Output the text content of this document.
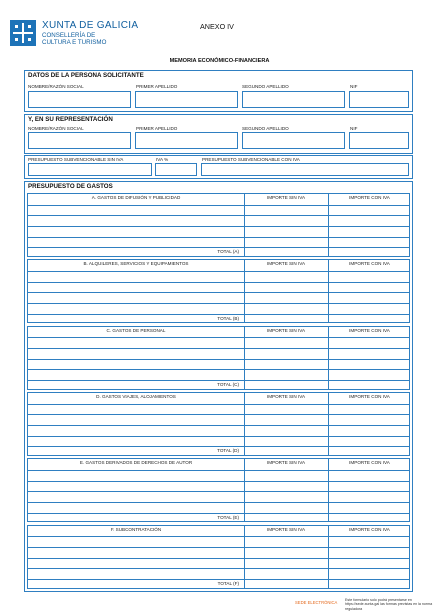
XUNTA DE GALICIA
CONSELLERÍA DE
CULTURA E TURISMO
ANEXO IV
MEMORIA ECONÓMICO-FINANCIERA
DATOS DE LA PERSONA SOLICITANTE
NOMBRE/RAZÓN SOCIAL	PRIMER APELLIDO	SEGUNDO APELLIDO	NIF
Y, EN SU REPRESENTACIÓN
NOMBRE/RAZÓN SOCIAL	PRIMER APELLIDO	SEGUNDO APELLIDO	NIF
PRESUPUESTO SUBVENCIONABLE SIN IVA	IVA %	PRESUPUESTO SUBVENCIONABLE CON IVA
PRESUPUESTO DE GASTOS
A. GASTOS DE DIFUSIÓN Y PUBLICIDAD	IMPORTE SIN IVA	IMPORTE CON IVA
TOTAL (A)
B. ALQUILERES, SERVICIOS Y EQUIPAMIENTOS	IMPORTE SIN IVA	IMPORTE CON IVA
TOTAL (B)
C. GASTOS DE PERSONAL	IMPORTE SIN IVA	IMPORTE CON IVA
TOTAL (C)
D. GASTOS VIAJES, ALOJAMIENTOS	IMPORTE SIN IVA	IMPORTE CON IVA
TOTAL (D)
E. GASTOS DERIVADOS DE DERECHOS DE AUTOR	IMPORTE SIN IVA	IMPORTE CON IVA
TOTAL (E)
F. SUBCONTRATACIÓN	IMPORTE SIN IVA	IMPORTE CON IVA
TOTAL (F)
SEDE ELECTRÓNICA Este formulario solo podrá presentarse en https://sede.xunta.gal las formas previstas en la norma reguladora
